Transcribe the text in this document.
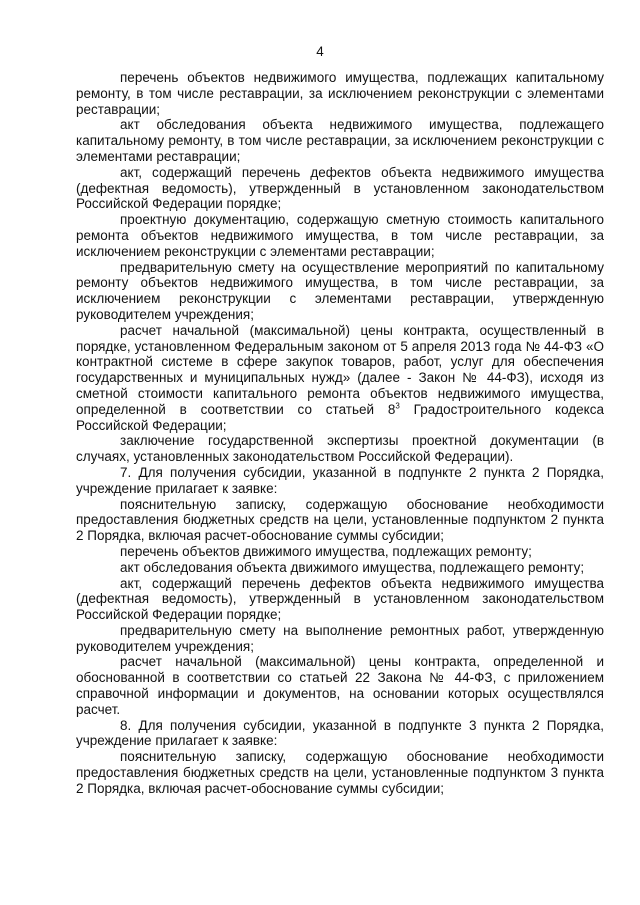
4

перечень объектов недвижимого имущества, подлежащих капитальному ремонту, в том числе реставрации, за исключением реконструкции с элементами реставрации;

акт обследования объекта недвижимого имущества, подлежащего капитальному ремонту, в том числе реставрации, за исключением реконструкции с элементами реставрации;

акт, содержащий перечень дефектов объекта недвижимого имущества (дефектная ведомость), утвержденный в установленном законодательством Российской Федерации порядке;

проектную документацию, содержащую сметную стоимость капитального ремонта объектов недвижимого имущества, в том числе реставрации, за исключением реконструкции с элементами реставрации;

предварительную смету на осуществление мероприятий по капитальному ремонту объектов недвижимого имущества, в том числе реставрации, за исключением реконструкции с элементами реставрации, утвержденную руководителем учреждения;

расчет начальной (максимальной) цены контракта, осуществленный в порядке, установленном Федеральным законом от 5 апреля 2013 года № 44-ФЗ «О контрактной системе в сфере закупок товаров, работ, услуг для обеспечения государственных и муниципальных нужд» (далее - Закон № 44-ФЗ), исходя из сметной стоимости капитального ремонта объектов недвижимого имущества, определенной в соответствии со статьей $8^3$ Градостроительного кодекса Российской Федерации;

заключение государственной экспертизы проектной документации (в случаях, установленных законодательством Российской Федерации).

7. Для получения субсидии, указанной в подпункте 2 пункта 2 Порядка, учреждение прилагает к заявке:

пояснительную записку, содержащую обоснование необходимости предоставления бюджетных средств на цели, установленные подпунктом 2 пункта 2 Порядка, включая расчет-обоснование суммы субсидии;

перечень объектов движимого имущества, подлежащих ремонту;

акт обследования объекта движимого имущества, подлежащего ремонту;

акт, содержащий перечень дефектов объекта недвижимого имущества (дефектная ведомость), утвержденный в установленном законодательством Российской Федерации порядке;

предварительную смету на выполнение ремонтных работ, утвержденную руководителем учреждения;

расчет начальной (максимальной) цены контракта, определенной и обоснованной в соответствии со статьей 22 Закона № 44-ФЗ, с приложением справочной информации и документов, на основании которых осуществлялся расчет.

8. Для получения субсидии, указанной в подпункте 3 пункта 2 Порядка, учреждение прилагает к заявке:

пояснительную записку, содержащую обоснование необходимости предоставления бюджетных средств на цели, установленные подпунктом 3 пункта 2 Порядка, включая расчет-обоснование суммы субсидии;
